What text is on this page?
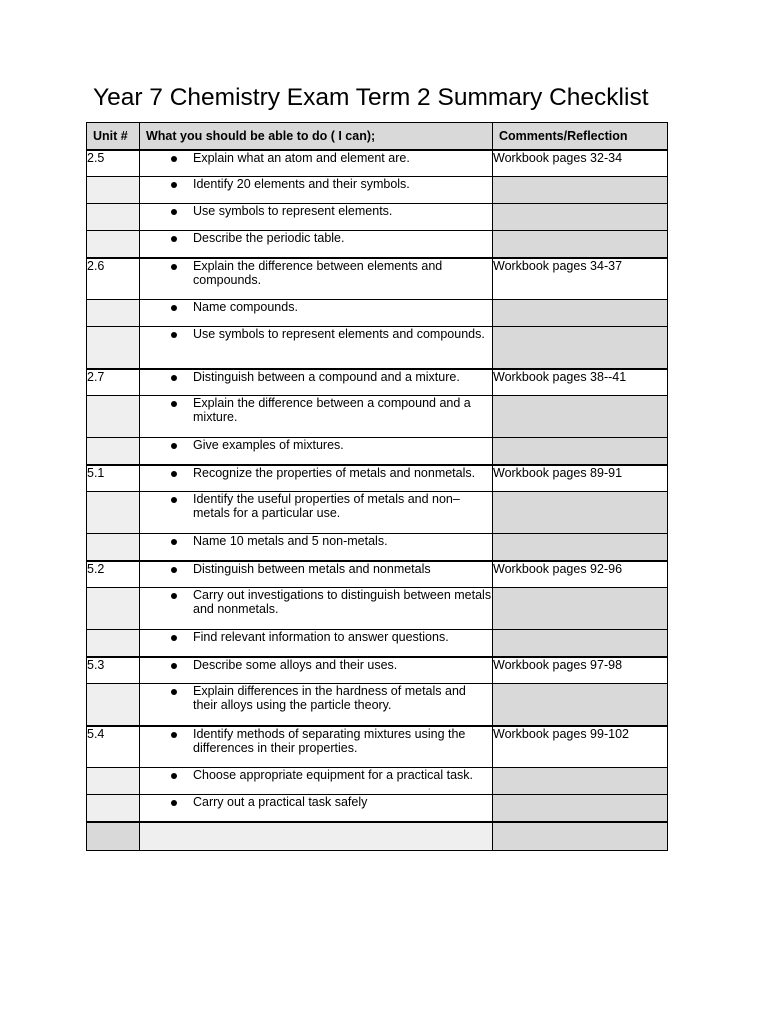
Year 7 Chemistry Exam Term 2 Summary Checklist
Unit #	What you should be able to do ( I can);	Comments/Reflection
2.5	Explain what an atom and element are.	Workbook pages 32-34

	Identify 20 elements and their symbols.	

	Use symbols to represent elements.	

	Describe the periodic table.	

2.6	Explain the difference between elements and compounds.	Workbook pages 34-37

	Name compounds.	

	Use symbols to represent elements and compounds.	

2.7	Distinguish between a compound and a mixture.	Workbook pages 38--41

	Explain the difference between a compound and a mixture.	

	Give examples of mixtures.	

5.1	Recognize the properties of metals and nonmetals.	Workbook pages 89-91

	Identify the useful properties of metals and non–metals for a particular use.	

	Name 10 metals and 5 non-metals.	

5.2	Distinguish between metals and nonmetals	Workbook pages 92-96

	Carry out investigations to distinguish between metals and nonmetals.	

	Find relevant information to answer questions.	

5.3	Describe some alloys and their uses.	Workbook pages 97-98

	Explain differences in the hardness of metals and their alloys using the particle theory.	

5.4	Identify methods of separating mixtures using the differences in their properties.	Workbook pages 99-102

	Choose appropriate equipment for a practical task.	

	Carry out a practical task safely	
